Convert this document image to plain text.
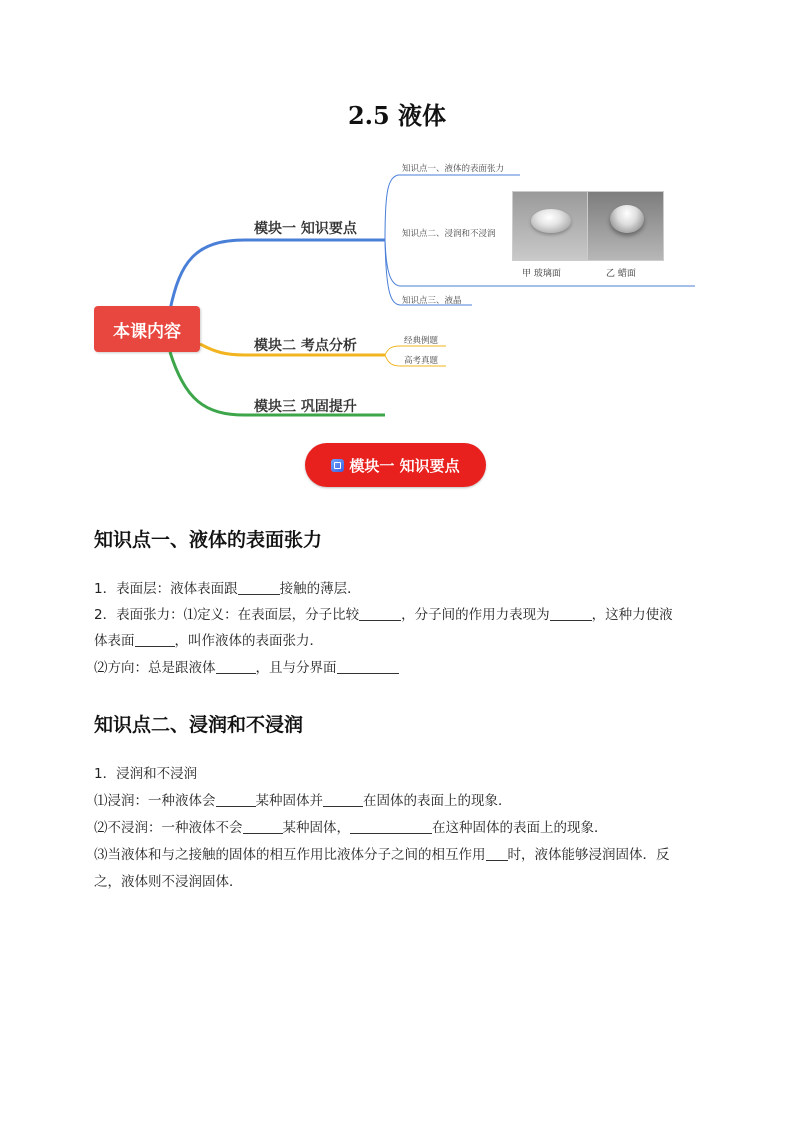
2.5 液体
本课内容
模块一 知识要点
模块二 考点分析
模块三 巩固提升
知识点一、液体的表面张力
知识点二、浸润和不浸润
知识点三、液晶
经典例题
高考真题
甲 玻璃面	乙 蜡面
模块一 知识要点
知识点一、液体的表面张力
1．表面层：液体表面跟	接触的薄层．
2．表面张力：⑴定义：在表面层，分子比较	，分子间的作用力表现为	，这种力使液
体表面	，叫作液体的表面张力．
⑵方向：总是跟液体	，且与分界面
知识点二、浸润和不浸润
1．浸润和不浸润
⑴浸润：一种液体会	某种固体并	在固体的表面上的现象．
⑵不浸润：一种液体不会	某种固体，	在这种固体的表面上的现象．
⑶当液体和与之接触的固体的相互作用比液体分子之间的相互作用 时，液体能够浸润固体．反
之，液体则不浸润固体．
